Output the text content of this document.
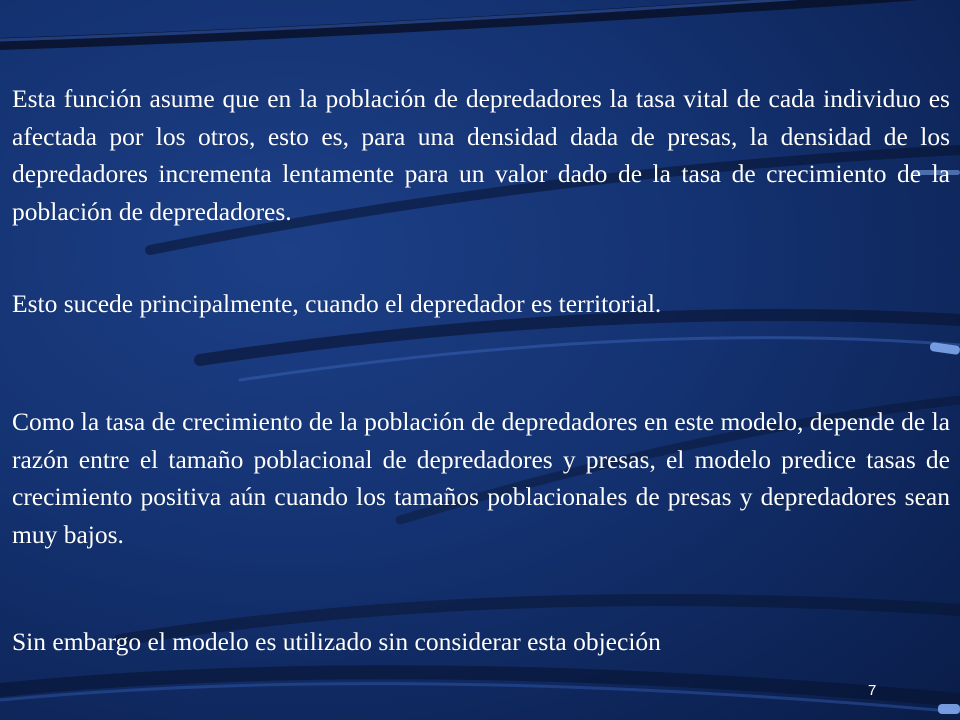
Esta función asume que en la población de depredadores la tasa vital de cada individuo es afectada por los otros, esto es, para una densidad dada de presas, la densidad de los depredadores incrementa lentamente para un valor dado de la tasa de crecimiento de la población de depredadores.

Esto sucede principalmente, cuando el depredador es territorial.

Como la tasa de crecimiento de la población de depredadores en este modelo, depende de la razón entre el tamaño poblacional de depredadores y presas, el modelo predice tasas de crecimiento positiva aún cuando los tamaños poblacionales de presas y depredadores sean muy bajos.

Sin embargo el modelo es utilizado sin considerar esta objeción

7
